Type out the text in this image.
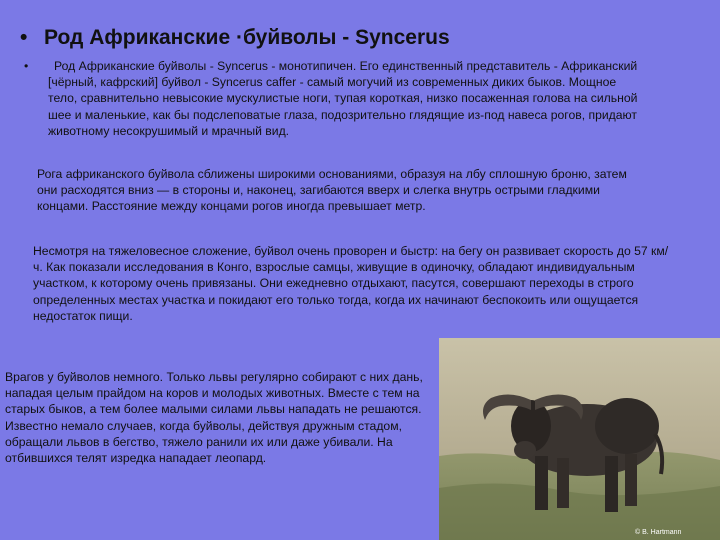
• Род Африканские ·буйволы - Syncerus
•	Род Африканские буйволы - Syncerus - монотипичен. Его единственный представитель - Африканский [чёрный, кафрский] буйвол - Syncerus caffer - самый могучий из современных диких быков. Мощное тело, сравнительно невысокие мускулистые ноги, тупая короткая, низко посаженная голова на сильной шее и маленькие, как бы подслеповатые глаза, подозрительно глядящие из-под навеса рогов, придают животному несокрушимый и мрачный вид.
Рога африканского буйвола сближены широкими основаниями, образуя на лбу сплошную броню, затем они расходятся вниз — в стороны и, наконец, загибаются вверх и слегка внутрь острыми гладкими концами. Расстояние между концами рогов иногда превышает метр.
Несмотря на тяжеловесное сложение, буйвол очень проворен и быстр: на бегу он развивает скорость до 57 км/ч. Как показали исследования в Конго, взрослые самцы, живущие в одиночку, обладают индивидуальным участком, к которому очень привязаны. Они ежедневно отдыхают, пасутся, совершают переходы в строго определенных местах участка и покидают его только тогда, когда их начинают беспокоить или ощущается недостаток пищи.
Врагов у буйволов немного. Только львы регулярно собирают с них дань, нападая целым прайдом на коров и молодых животных. Вместе с тем на старых быков, а тем более малыми силами львы нападать не решаются. Известно немало случаев, когда буйволы, действуя дружным стадом, обращали львов в бегство, тяжело ранили их или даже убивали. На отбившихся телят изредка нападает леопард.
© B. Hartmann
